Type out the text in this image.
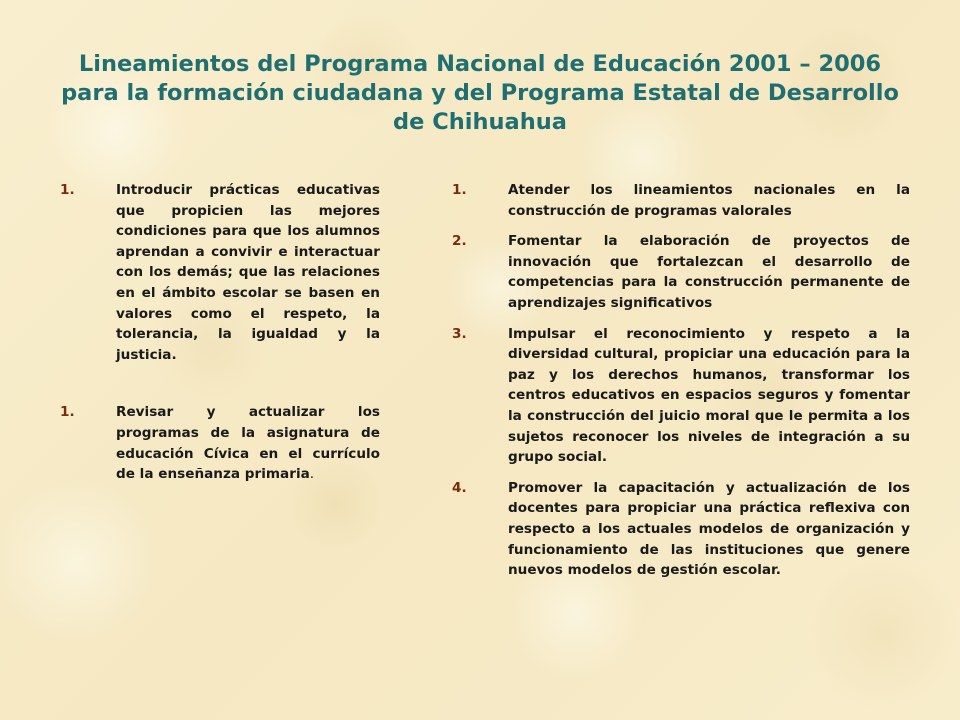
Lineamientos del Programa Nacional de Educación 2001 – 2006
para la formación ciudadana y del Programa Estatal de Desarrollo
de Chihuahua
1.	Introducir prácticas educativas que propicien las mejores condiciones para que los alumnos aprendan a convivir e interactuar con los demás; que las relaciones en el ámbito escolar se basen en valores como el respeto, la tolerancia, la igualdad y la justicia.
1.	Revisar y actualizar los programas de la asignatura de educación Cívica en el currículo de la enseñanza primaria.
1.	Atender los lineamientos nacionales en la construcción de programas valorales
2.	Fomentar la elaboración de proyectos de innovación que fortalezcan el desarrollo de competencias para la construcción permanente de aprendizajes significativos
3.	Impulsar el reconocimiento y respeto a la diversidad cultural, propiciar una educación para la paz y los derechos humanos, transformar los centros educativos en espacios seguros y fomentar la construcción del juicio moral que le permita a los sujetos reconocer los niveles de integración a su grupo social.
4.	Promover la capacitación y actualización de los docentes para propiciar una práctica reflexiva con respecto a los actuales modelos de organización y funcionamiento de las instituciones que genere nuevos modelos de gestión escolar.
